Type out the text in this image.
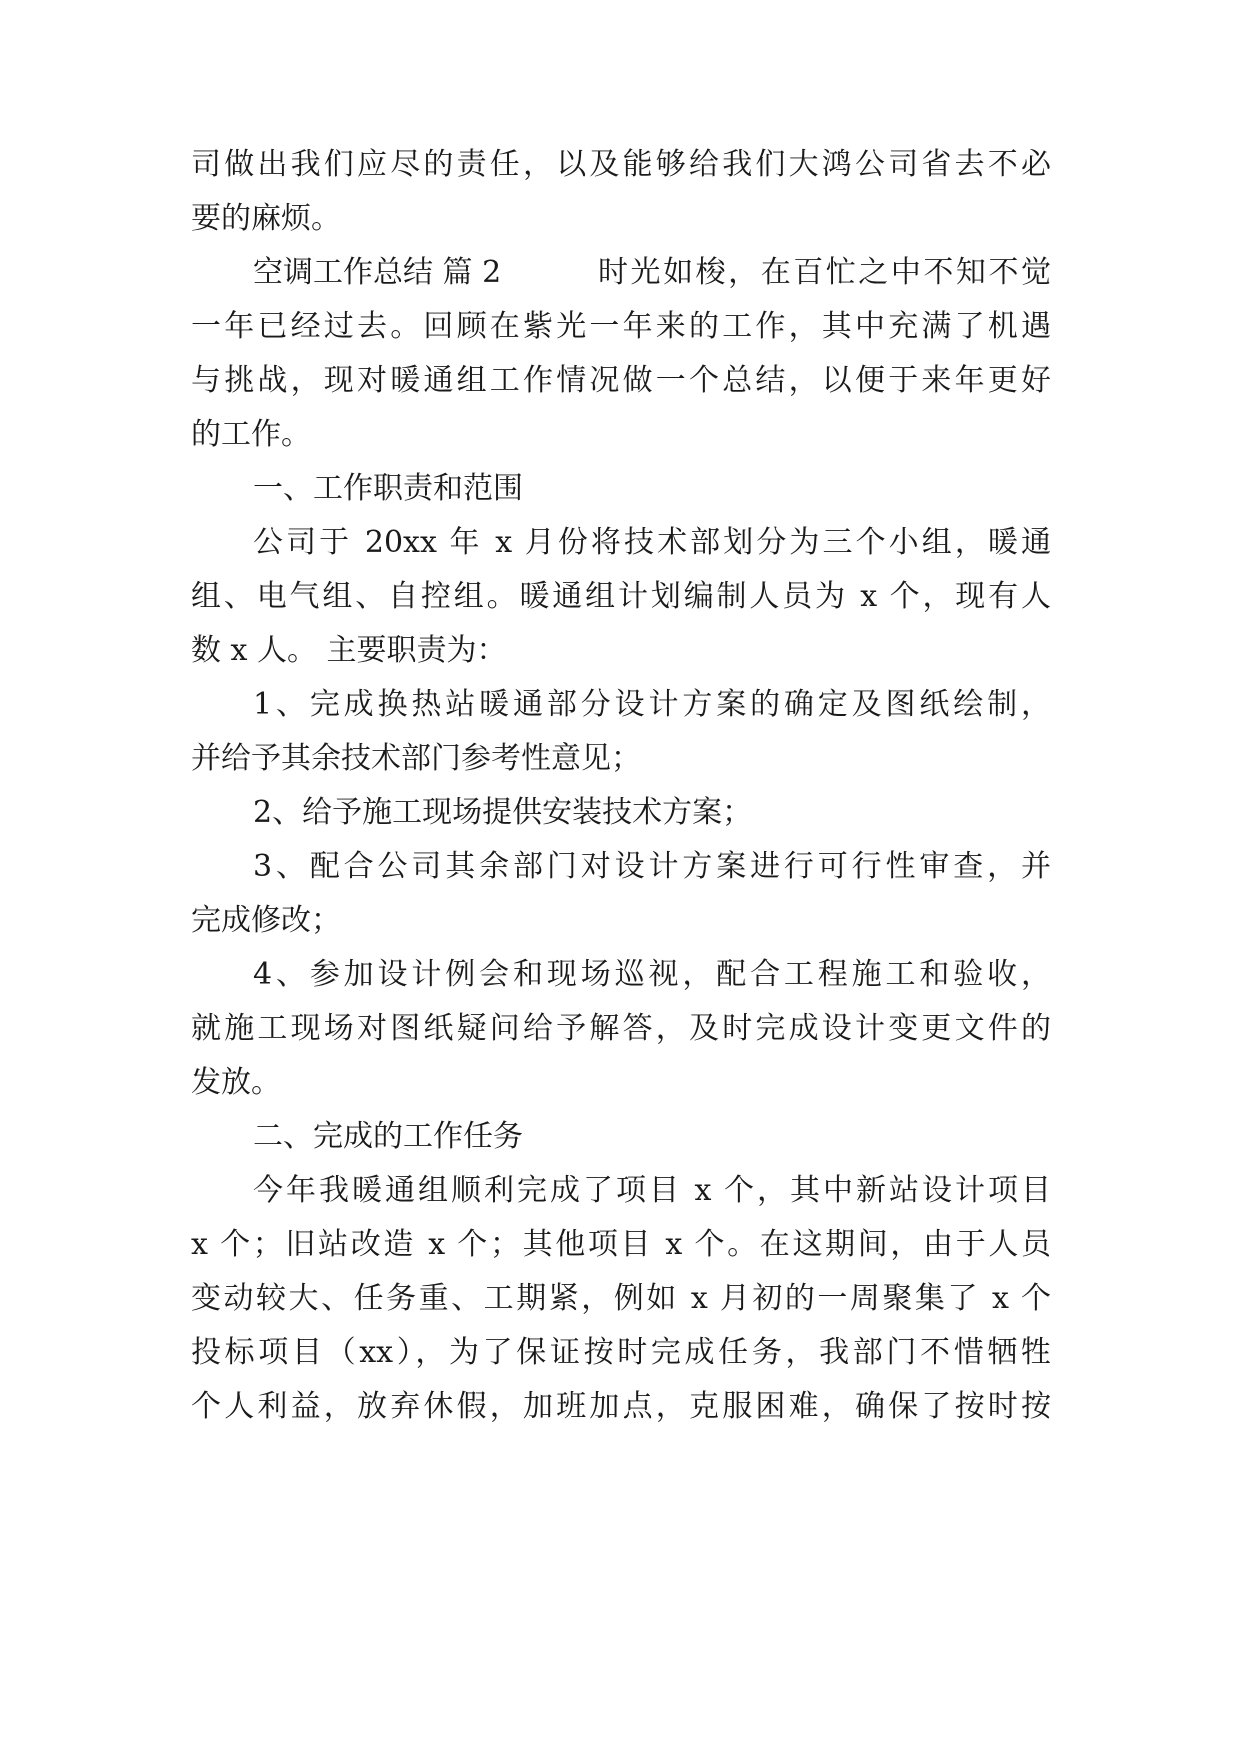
司做出我们应尽的责任，以及能够给我们大鸿公司省去不必
要的麻烦。
空调工作总结 篇 2	时光如梭，在百忙之中不知不觉
一年已经过去。回顾在紫光一年来的工作，其中充满了机遇
与挑战，现对暖通组工作情况做一个总结，以便于来年更好
的工作。
一、工作职责和范围
公司于 20xx 年 x 月份将技术部划分为三个小组，暖通
组、电气组、自控组。暖通组计划编制人员为 x 个，现有人
数 x 人。 主要职责为：
1、完成换热站暖通部分设计方案的确定及图纸绘制，
并给予其余技术部门参考性意见；
2、给予施工现场提供安装技术方案；
3、配合公司其余部门对设计方案进行可行性审查，并
完成修改；
4、参加设计例会和现场巡视，配合工程施工和验收，
就施工现场对图纸疑问给予解答，及时完成设计变更文件的
发放。
二、完成的工作任务
今年我暖通组顺利完成了项目 x 个，其中新站设计项目
x 个；旧站改造 x 个；其他项目 x 个。在这期间，由于人员
变动较大、任务重、工期紧，例如 x 月初的一周聚集了 x 个
投标项目（xx），为了保证按时完成任务，我部门不惜牺牲
个人利益，放弃休假，加班加点，克服困难，确保了按时按
